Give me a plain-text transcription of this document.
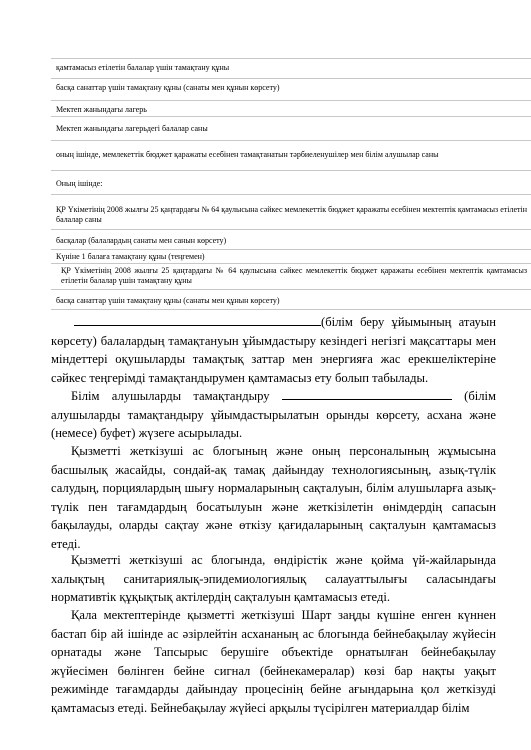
қамтамасыз етілетін балалар үшін тамақтану құны
басқа санаттар үшін тамақтану құны (санаты мен құнын көрсету)
Мектеп жанындағы лагерь
Мектеп жанындағы лагерьдегі балалар саны
оның ішінде, мемлекеттік бюджет қаражаты есебінен тамақтанатын тәрбиеленушілер мен білім алушылар саны
Оның ішінде:
ҚР Үкіметінің 2008 жылғы 25 қаңтардағы № 64 қаулысына сәйкес мемлекеттік бюджет қаражаты есебінен мектептік қамтамасыз етілетін балалар саны
басқалар (балалардың санаты мен санын көрсету)
Күніне 1 балаға тамақтану құны (теңгемен)
ҚР Үкіметінің 2008 жылғы 25 қаңтардағы № 64 қаулысына сәйкес мемлекеттік бюджет қаражаты есебінен мектептік қамтамасыз етілетін балалар үшін тамақтану құны
басқа санаттар үшін тамақтану құны (санаты мен құнын көрсету)

(білім беру ұйымының атауын көрсету) балалардың тамақтануын ұйымдастыру кезіндегі негізгі мақсаттары мен міндеттері оқушыларды тамақтық заттар мен энергияға жас ерекшеліктеріне сәйкес теңгерімді тамақтандырумен қамтамасыз ету болып табылады.

Білім алушыларды тамақтандыру	(білім алушыларды тамақтандыру ұйымдастырылатын орынды көрсету, асхана және (немесе) буфет) жүзеге асырылады.

Қызметті жеткізуші ас блогының және оның персоналының жұмысына басшылық жасайды, сондай-ақ тамақ дайындау технологиясының, азық-түлік салудың, порциялардың шығу нормаларының сақталуын, білім алушыларға азық-түлік пен тағамдардың босатылуын және жеткізілетін өнімдердің сапасын бақылауды, оларды сақтау және өткізу қағидаларының сақталуын қамтамасыз етеді.

Қызметті жеткізуші ас блогында, өндірістік және қойма үй-жайларында халықтың санитариялық-эпидемиологиялық салауаттылығы саласындағы нормативтік құқықтық актілердің сақталуын қамтамасыз етеді.

Қала мектептерінде қызметті жеткізуші Шарт заңды күшіне енген күннен бастап бір ай ішінде ас әзірлейтін асхананың ас блогында бейнебақылау жүйесін орнатады және Тапсырыс берушіге объектіде орнатылған бейнебақылау жүйесімен бөлінген бейне сигнал (бейнекамералар) көзі бар нақты уақыт режимінде тағамдарды дайындау процесінің бейне ағындарына қол жеткізуді қамтамасыз етеді. Бейнебақылау жүйесі арқылы түсірілген материалдар білім
